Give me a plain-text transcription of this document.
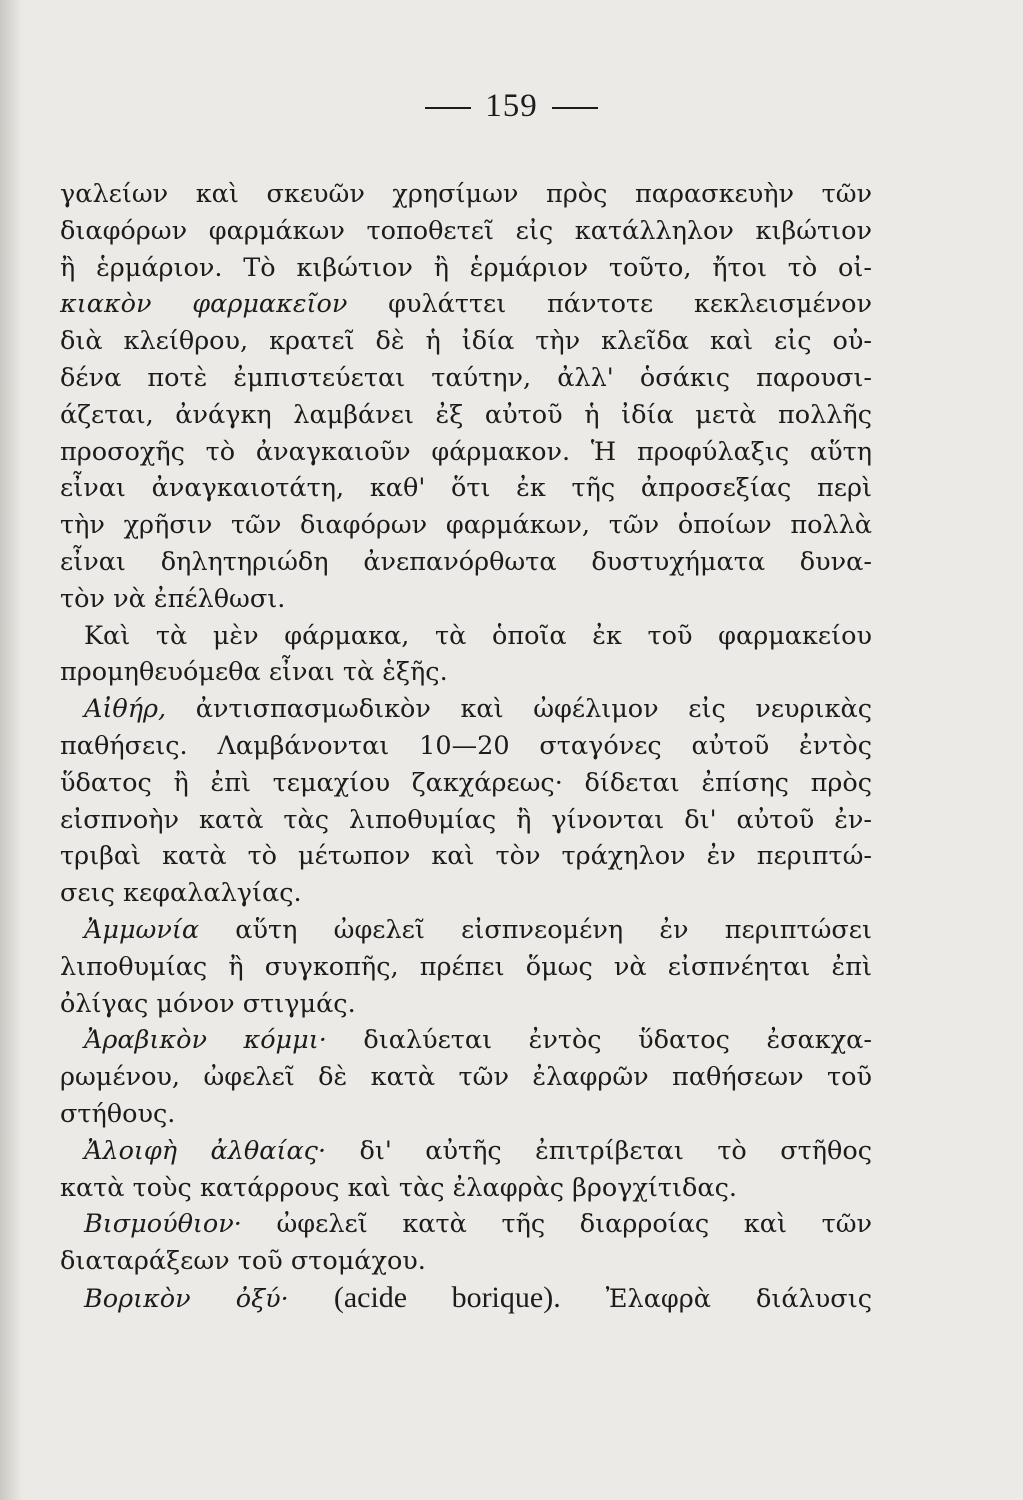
159
γαλείων καὶ σκευῶν χρησίμων πρὸς παρασκευὴν τῶν
διαφόρων φαρμάκων τοποθετεῖ εἰς κατάλληλον κιβώτιον
ἢ ἑρμάριον. Τὸ κιβώτιον ἢ ἑρμάριον τοῦτο, ἤτοι τὸ οἰ-
κιακὸν φαρμακεῖον φυλάττει πάντοτε κεκλεισμένον
διὰ κλείθρου, κρατεῖ δὲ ἡ ἰδία τὴν κλεῖδα καὶ εἰς οὐ-
δένα ποτὲ ἐμπιστεύεται ταύτην, ἀλλ' ὁσάκις παρουσι-
άζεται, ἀνάγκη λαμβάνει ἐξ αὐτοῦ ἡ ἰδία μετὰ πολλῆς
προσοχῆς τὸ ἀναγκαιοῦν φάρμακον. Ἡ προφύλαξις αὕτη
εἶναι ἀναγκαιοτάτη, καθ' ὅτι ἐκ τῆς ἀπροσεξίας περὶ
τὴν χρῆσιν τῶν διαφόρων φαρμάκων, τῶν ὁποίων πολλὰ
εἶναι δηλητηριώδη ἀνεπανόρθωτα δυστυχήματα δυνα-
τὸν νὰ ἐπέλθωσι.
Καὶ τὰ μὲν φάρμακα, τὰ ὁποῖα ἐκ τοῦ φαρμακείου
προμηθευόμεθα εἶναι τὰ ἑξῆς.
Αἰθήρ, ἀντισπασμωδικὸν καὶ ὠφέλιμον εἰς νευρικὰς
παθήσεις. Λαμβάνονται 10—20 σταγόνες αὐτοῦ ἐντὸς
ὕδατος ἢ ἐπὶ τεμαχίου ζακχάρεως· δίδεται ἐπίσης πρὸς
εἰσπνοὴν κατὰ τὰς λιποθυμίας ἢ γίνονται δι' αὐτοῦ ἐν-
τριβαὶ κατὰ τὸ μέτωπον καὶ τὸν τράχηλον ἐν περιπτώ-
σεις κεφαλαλγίας.
Ἀμμωνία αὕτη ὠφελεῖ εἰσπνεομένη ἐν περιπτώσει
λιποθυμίας ἢ συγκοπῆς, πρέπει ὅμως νὰ εἰσπνέηται ἐπὶ
ὀλίγας μόνον στιγμάς.
Ἀραβικὸν κόμμι· διαλύεται ἐντὸς ὕδατος ἐσακχα-
ρωμένου, ὠφελεῖ δὲ κατὰ τῶν ἐλαφρῶν παθήσεων τοῦ
στήθους.
Ἀλοιφὴ ἀλθαίας· δι' αὐτῆς ἐπιτρίβεται τὸ στῆθος
κατὰ τοὺς κατάρρους καὶ τὰς ἐλαφρὰς βρογχίτιδας.
Βισμούθιον· ὠφελεῖ κατὰ τῆς διαρροίας καὶ τῶν
διαταράξεων τοῦ στομάχου.
Βορικὸν ὀξύ· (acide borique). Ἐλαφρὰ διάλυσις
